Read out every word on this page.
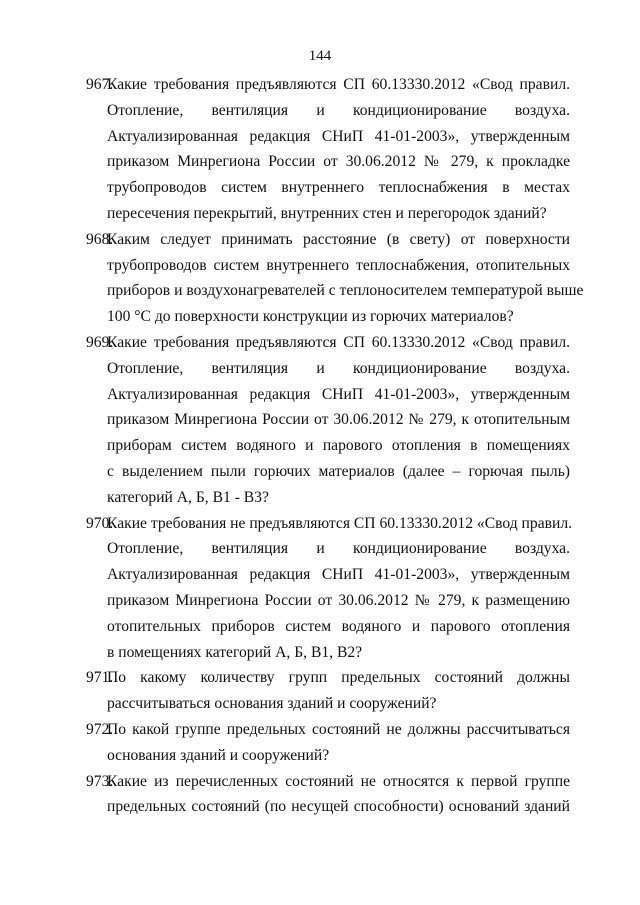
144
967.
Какие требования предъявляются СП 60.13330.2012 «Свод правил.
Отопление, вентиляция и кондиционирование воздуха.
Актуализированная редакция СНиП 41-01-2003», утвержденным
приказом Минрегиона России от 30.06.2012 № 279, к прокладке
трубопроводов систем внутреннего теплоснабжения в местах
пересечения перекрытий, внутренних стен и перегородок зданий?
968.
Каким следует принимать расстояние (в свету) от поверхности
трубопроводов систем внутреннего теплоснабжения, отопительных
приборов и воздухонагревателей с теплоносителем температурой выше
100 °С до поверхности конструкции из горючих материалов?
969.
Какие требования предъявляются СП 60.13330.2012 «Свод правил.
Отопление, вентиляция и кондиционирование воздуха.
Актуализированная редакция СНиП 41-01-2003», утвержденным
приказом Минрегиона России от 30.06.2012 № 279, к отопительным
приборам систем водяного и парового отопления в помещениях
с выделением пыли горючих материалов (далее – горючая пыль)
категорий А, Б, В1 - В3?
970.
Какие требования не предъявляются СП 60.13330.2012 «Свод правил.
Отопление, вентиляция и кондиционирование воздуха.
Актуализированная редакция СНиП 41-01-2003», утвержденным
приказом Минрегиона России от 30.06.2012 № 279, к размещению
отопительных приборов систем водяного и парового отопления
в помещениях категорий А, Б, В1, В2?
971.
По какому количеству групп предельных состояний должны
рассчитываться основания зданий и сооружений?
972.
По какой группе предельных состояний не должны рассчитываться
основания зданий и сооружений?
973.
Какие из перечисленных состояний не относятся к первой группе
предельных состояний (по несущей способности) оснований зданий
